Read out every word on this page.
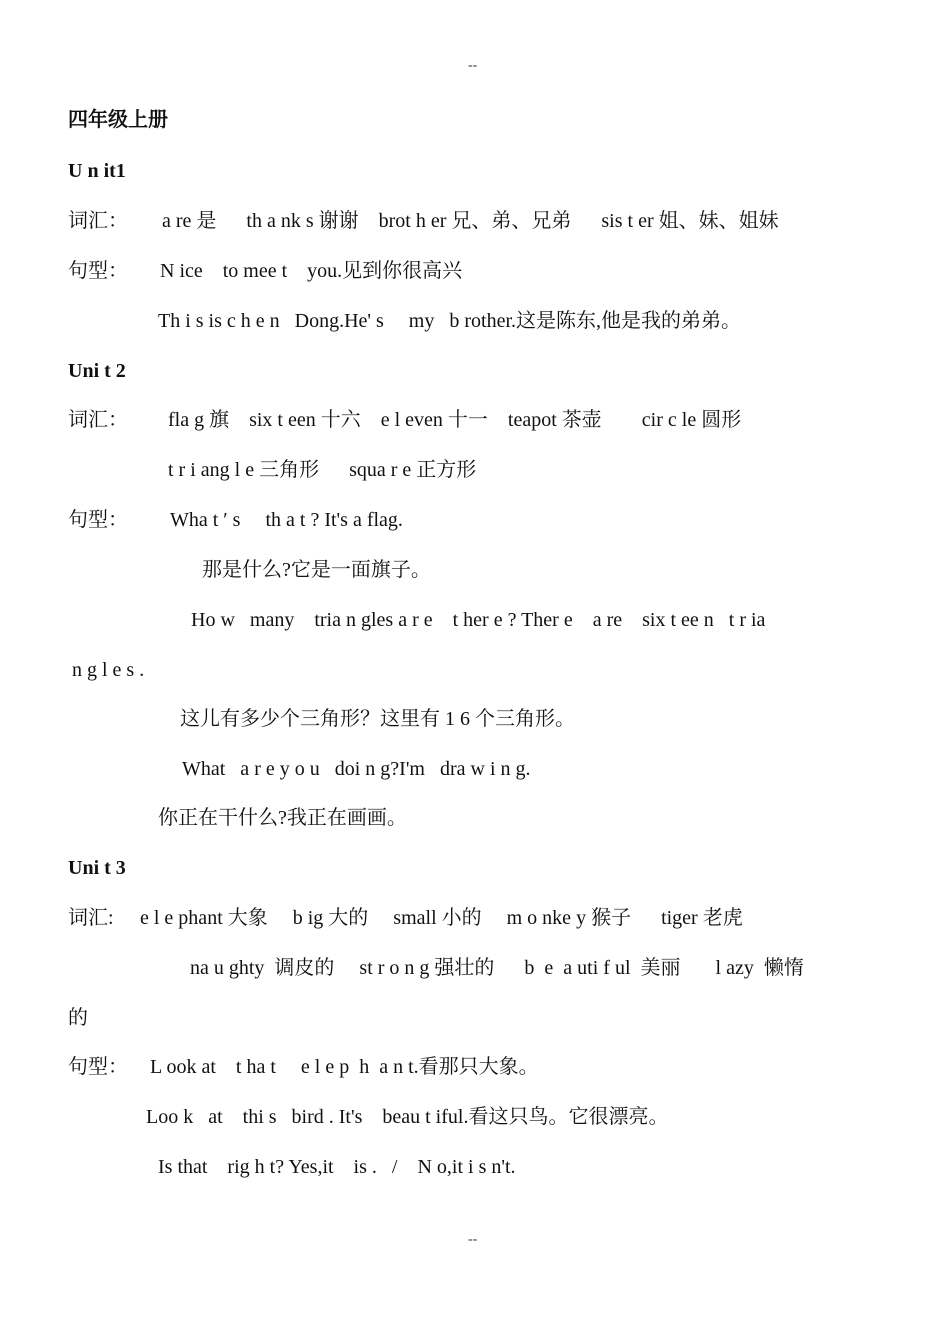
--
四年级上册
U n it1
词汇： a re 是      th a nk s 谢谢    brot h er 兄、弟、兄弟      sis t er 姐、妹、姐妹
句型： N ice    to mee t    you.见到你很高兴
Th i s is c h e n   Dong.He' s     my   b rother.这是陈东,他是我的弟弟。
Uni t 2
词汇： fla g 旗    six t een 十六    e l even 十一    teapot 茶壶        cir c le 圆形
t r i ang l e 三角形      squa r e 正方形
句型： Wha t ′ s     th a t ? It's a flag.
那是什么?它是一面旗子。
Ho w   many    tria n gles a r e    t her e ? Ther e    a re    six t ee n   t r ia
n g l e s .
这儿有多少个三角形？这里有 1 6 个三角形。
What   a r e y o u   doi n g?I'm   dra w i n g.
你正在干什么?我正在画画。
Uni t 3
词汇: e l e phant 大象     b ig 大的     small 小的     m o nke y 猴子      tiger 老虎
na u ghty  调皮的     st r o n g 强壮的      b  e  a uti f ul  美丽       l azy  懒惰
的
句型： L ook at    t ha t     e l e p  h  a n t.看那只大象。
Loo k   at    thi s   bird . It's    beau t iful.看这只鸟。它很漂亮。
Is that    rig h t? Yes,it    is .   /    N o,it i s n't.
--
